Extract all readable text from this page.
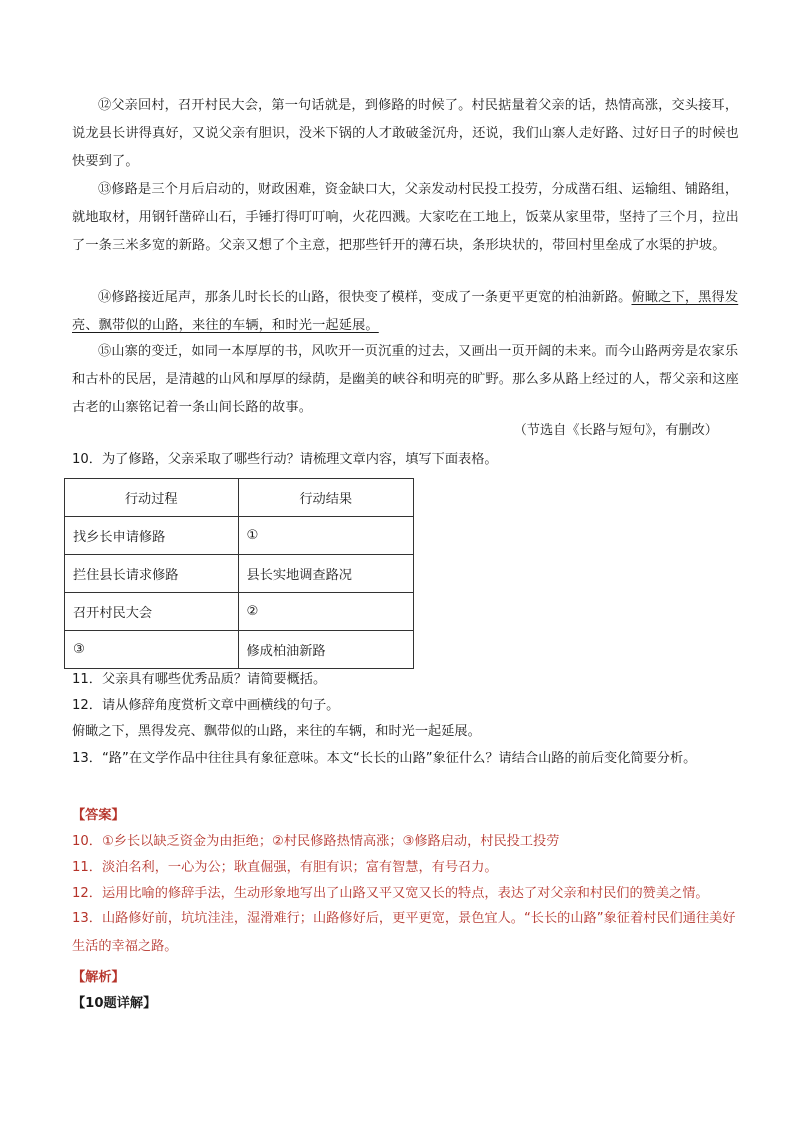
⑫父亲回村，召开村民大会，第一句话就是，到修路的时候了。村民掂量着父亲的话，热情高涨，交头接耳，说龙县长讲得真好，又说父亲有胆识，没米下锅的人才敢破釜沉舟，还说，我们山寨人走好路、过好日子的时候也快要到了。

⑬修路是三个月后启动的，财政困难，资金缺口大，父亲发动村民投工投劳，分成凿石组、运输组、铺路组，就地取材，用钢钎凿碎山石，手锤打得叮叮响，火花四溅。大家吃在工地上，饭菜从家里带，坚持了三个月，拉出了一条三米多宽的新路。父亲又想了个主意，把那些钎开的薄石块，条形块状的，带回村里垒成了水渠的护坡。

⑭修路接近尾声，那条儿时长长的山路，很快变了模样，变成了一条更平更宽的柏油新路。俯瞰之下，黑得发亮、飘带似的山路，来往的车辆，和时光一起延展。

⑮山寨的变迁，如同一本厚厚的书，风吹开一页沉重的过去，又画出一页开阔的未来。而今山路两旁是农家乐和古朴的民居，是清越的山风和厚厚的绿荫，是幽美的峡谷和明亮的旷野。那么多从路上经过的人，帮父亲和这座古老的山寨铭记着一条山间长路的故事。

（节选自《长路与短句》，有删改）

10．为了修路，父亲采取了哪些行动？请梳理文章内容，填写下面表格。

行动过程	行动结果
找乡长申请修路	①
拦住县长请求修路	县长实地调查路况
召开村民大会	②
③	修成柏油新路

11．父亲具有哪些优秀品质？请简要概括。

12．请从修辞角度赏析文章中画横线的句子。

俯瞰之下，黑得发亮、飘带似的山路，来往的车辆，和时光一起延展。

13．“路”在文学作品中往往具有象征意味。本文“长长的山路”象征什么？请结合山路的前后变化简要分析。

【答案】

10．①乡长以缺乏资金为由拒绝；②村民修路热情高涨；③修路启动，村民投工投劳

11．淡泊名利，一心为公；耿直倔强，有胆有识；富有智慧，有号召力。

12．运用比喻的修辞手法，生动形象地写出了山路又平又宽又长的特点，表达了对父亲和村民们的赞美之情。

13．山路修好前，坑坑洼洼，湿滑难行；山路修好后，更平更宽，景色宜人。“长长的山路”象征着村民们通往美好生活的幸福之路。

【解析】

【10题详解】
